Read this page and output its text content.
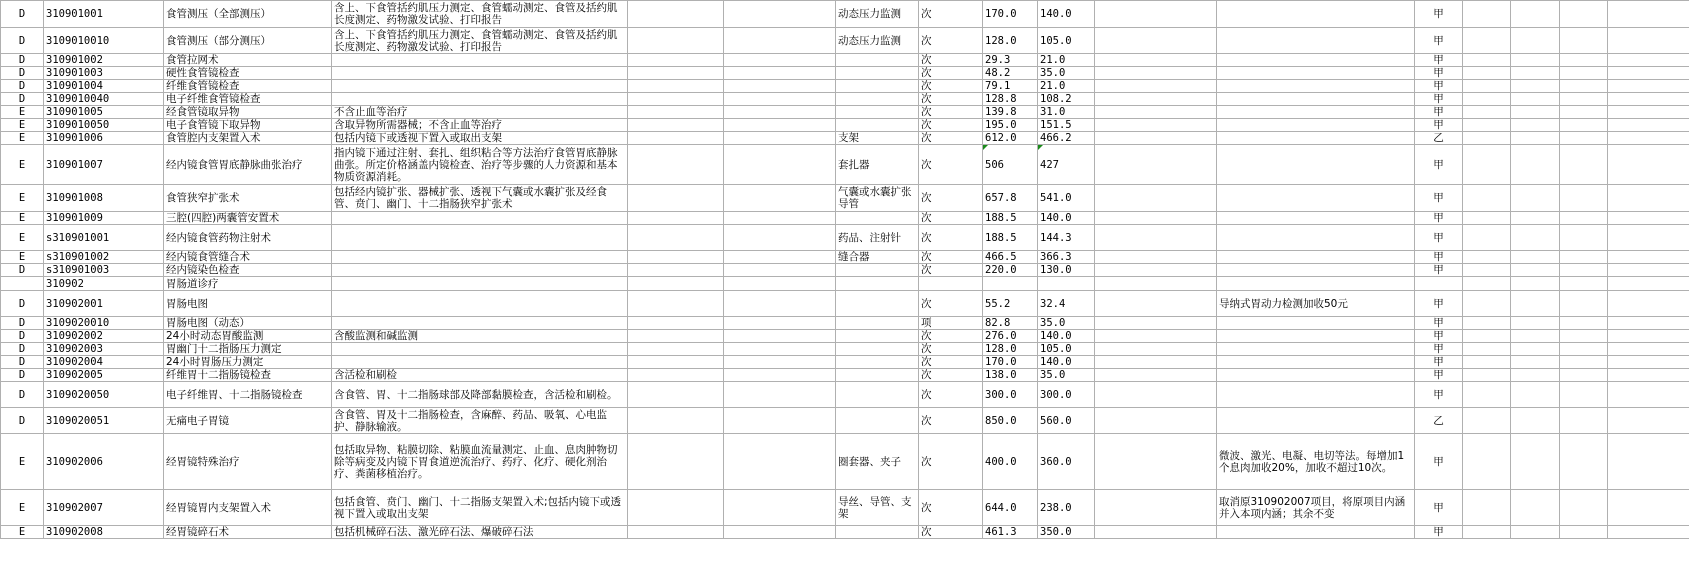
D	310901001	食管测压（全部测压）	含上、下食管括约肌压力测定、食管蠕动测定、食管及括约肌长度测定、药物激发试验、打印报告			动态压力监测	次	170.0	140.0			甲				
D	3109010010	食管测压（部分测压）	含上、下食管括约肌压力测定、食管蠕动测定、食管及括约肌长度测定、药物激发试验、打印报告			动态压力监测	次	128.0	105.0			甲				
D	310901002	食管拉网术					次	29.3	21.0			甲				
D	310901003	硬性食管镜检查					次	48.2	35.0			甲				
D	310901004	纤维食管镜检查					次	79.1	21.0			甲				
D	3109010040	电子纤维食管镜检查					次	128.8	108.2			甲				
E	310901005	经食管镜取异物	不含止血等治疗				次	139.8	31.0			甲				
E	3109010050	电子食管镜下取异物	含取异物所需器械；不含止血等治疗				次	195.0	151.5			甲				
E	310901006	食管腔内支架置入术	包括内镜下或透视下置入或取出支架			支架	次	612.0	466.2			乙				
E	310901007	经内镜食管胃底静脉曲张治疗	指内镜下通过注射、套扎、组织粘合等方法治疗食管胃底静脉曲张。所定价格涵盖内镜检查、治疗等步骤的人力资源和基本物质资源消耗。			套扎器	次	506	427			甲				
E	310901008	食管狭窄扩张术	包括经内镜扩张、器械扩张、透视下气囊或水囊扩张及经食管、贲门、幽门、十二指肠狭窄扩张术			气囊或水囊扩张导管	次	657.8	541.0			甲				
E	310901009	三腔(四腔)两囊管安置术					次	188.5	140.0			甲				
E	s310901001	经内镜食管药物注射术				药品、注射针	次	188.5	144.3			甲				
E	s310901002	经内镜食管缝合术				缝合器	次	466.5	366.3			甲				
D	s310901003	经内镜染色检查					次	220.0	130.0			甲				
	310902	胃肠道诊疗														
D	310902001	胃肠电图					次	55.2	32.4		导纳式胃动力检测加收50元	甲				
D	3109020010	胃肠电图（动态）					项	82.8	35.0			甲				
D	310902002	24小时动态胃酸监测	含酸监测和碱监测				次	276.0	140.0			甲				
D	310902003	胃幽门十二指肠压力测定					次	128.0	105.0			甲				
D	310902004	24小时胃肠压力测定					次	170.0	140.0			甲				
D	310902005	纤维胃十二指肠镜检查	含活检和刷检				次	138.0	35.0			甲				
D	3109020050	电子纤维胃、十二指肠镜检查	含食管、胃、十二指肠球部及降部黏膜检查，含活检和刷检。				次	300.0	300.0			甲				
D	3109020051	无痛电子胃镜	含食管、胃及十二指肠检查，含麻醉、药品、吸氧、心电监护、静脉输液。				次	850.0	560.0			乙				
E	310902006	经胃镜特殊治疗	包括取异物、粘膜切除、粘膜血流量测定、止血、息肉肿物切除等病变及内镜下胃食道逆流治疗、药疗、化疗、硬化剂治疗、粪菌移植治疗。			圈套器、夹子	次	400.0	360.0		微波、激光、电凝、电切等法。每增加1个息肉加收20%，加收不超过10次。	甲				
E	310902007	经胃镜胃内支架置入术	包括食管、贲门、幽门、十二指肠支架置入术;包括内镜下或透视下置入或取出支架			导丝、导管、支架	次	644.0	238.0		取消原310902007项目，将原项目内涵并入本项内涵；其余不变	甲				
E	310902008	经胃镜碎石术	包括机械碎石法、激光碎石法、爆破碎石法				次	461.3	350.0			甲				
